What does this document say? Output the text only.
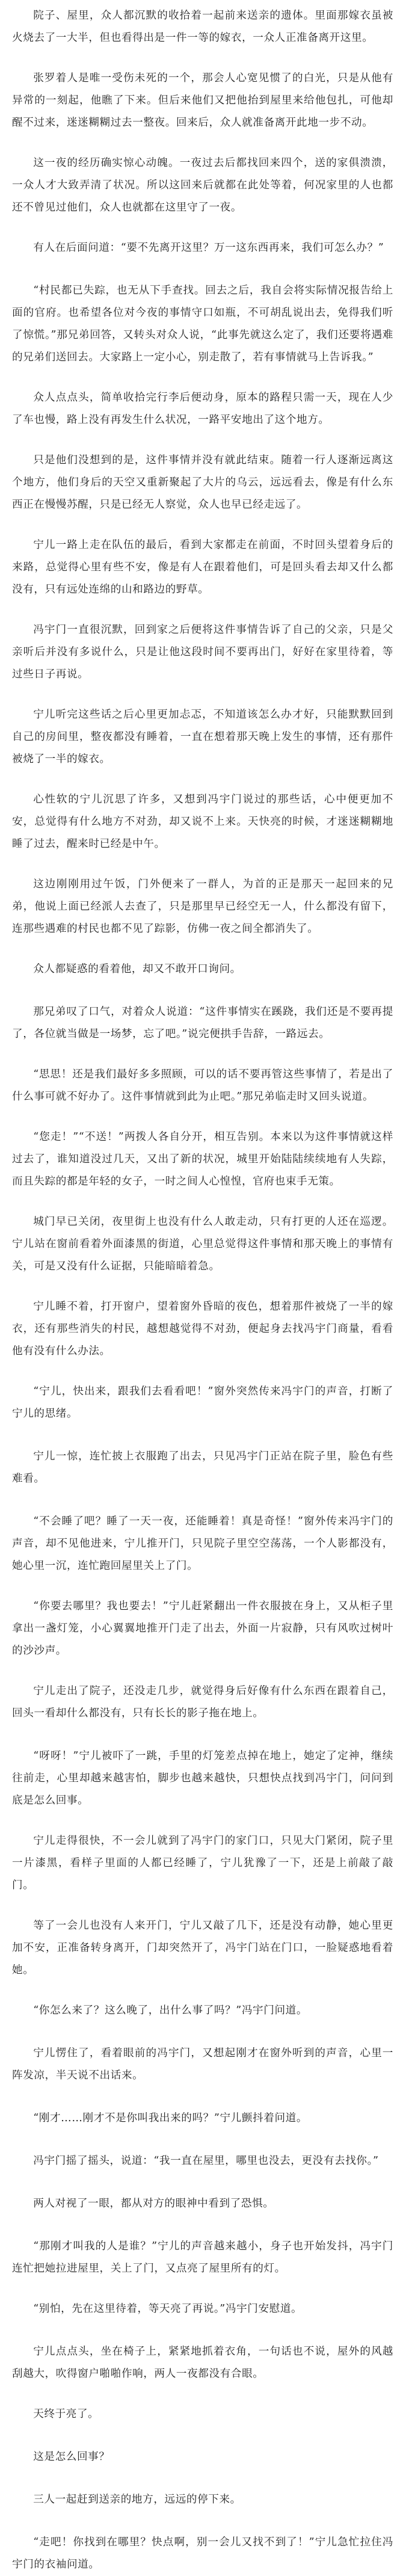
院子、屋里，众人都沉默的收拾着一起前来送亲的遗体。里面那嫁衣虽被火烧去了一大半，但也看得出是一件一等的嫁衣，一众人正准备离开这里。

张罗着人是唯一受伤未死的一个，那会人心宽见惯了的白光，只是从他有异常的一刻起，他瞧了下来。但后来他们又把他抬到屋里来给他包扎，可他却醒不过来，迷迷糊糊过去一整夜。回来后，众人就准备离开此地一步不动。

这一夜的经历确实惊心动魄。一夜过去后都找回来四个，送的家俱溃溃，一众人才大致弄清了状况。所以这回来后就都在此处等着，何况家里的人也都还不曾见过他们，众人也就都在这里守了一夜。

有人在后面问道：“要不先离开这里？万一这东西再来，我们可怎么办？”

“村民都已失踪，也无从下手查找。回去之后，我自会将实际情况报告给上面的官府。也希望各位对今夜的事情守口如瓶，不可胡乱说出去，免得我们听了惊慌。”那兄弟回答，又转头对众人说，“此事先就这么定了，我们还要将遇难的兄弟们送回去。大家路上一定小心，别走散了，若有事情就马上告诉我。”

众人点点头，简单收拾完行李后便动身，原本的路程只需一天，现在人少了车也慢，路上没有再发生什么状况，一路平安地出了这个地方。

只是他们没想到的是，这件事情并没有就此结束。随着一行人逐渐远离这个地方，他们身后的天空又重新聚起了大片的乌云，远远看去，像是有什么东西正在慢慢苏醒，只是已经无人察觉，众人也早已经走远了。

宁儿一路上走在队伍的最后，看到大家都走在前面，不时回头望着身后的来路，总觉得心里有些不安，像是有人在跟着他们，可是回头看去却又什么都没有，只有远处连绵的山和路边的野草。

冯宇门一直很沉默，回到家之后便将这件事情告诉了自己的父亲，只是父亲听后并没有多说什么，只是让他这段时间不要再出门，好好在家里待着，等过些日子再说。

宁儿听完这些话之后心里更加忐忑，不知道该怎么办才好，只能默默回到自己的房间里，整夜都没有睡着，一直在想着那天晚上发生的事情，还有那件被烧了一半的嫁衣。

心性软的宁儿沉思了许多，又想到冯宇门说过的那些话，心中便更加不安，总觉得有什么地方不对劲，却又说不上来。天快亮的时候，才迷迷糊糊地睡了过去，醒来时已经是中午。

这边刚刚用过午饭，门外便来了一群人，为首的正是那天一起回来的兄弟，他说上面已经派人去查了，只是那里早已经空无一人，什么都没有留下，连那些遇难的村民也都不见了踪影，仿佛一夜之间全都消失了。

众人都疑惑的看着他，却又不敢开口询问。

那兄弟叹了口气，对着众人说道：“这件事情实在蹊跷，我们还是不要再提了，各位就当做是一场梦，忘了吧。”说完便拱手告辞，一路远去。

“思思！还是我们最好多多照顾，可以的话不要再管这些事情了，若是出了什么事可就不好办了。这件事情就到此为止吧。”那兄弟临走时又回头说道。

“您走！”“不送！”两拨人各自分开，相互告别。本来以为这件事情就这样过去了，谁知道没过几天，又出了新的状况，城里开始陆陆续续地有人失踪，而且失踪的都是年轻的女子，一时之间人心惶惶，官府也束手无策。

城门早已关闭，夜里街上也没有什么人敢走动，只有打更的人还在巡逻。宁儿站在窗前看着外面漆黑的街道，心里总觉得这件事情和那天晚上的事情有关，可是又没有什么证据，只能暗暗着急。

宁儿睡不着，打开窗户，望着窗外昏暗的夜色，想着那件被烧了一半的嫁衣，还有那些消失的村民，越想越觉得不对劲，便起身去找冯宇门商量，看看他有没有什么办法。

“宁儿，快出来，跟我们去看看吧！”窗外突然传来冯宇门的声音，打断了宁儿的思绪。

宁儿一惊，连忙披上衣服跑了出去，只见冯宇门正站在院子里，脸色有些难看。

“不会睡了吧？睡了一天一夜，还能睡着！真是奇怪！”窗外传来冯宇门的声音，却不见他进来，宁儿推开门，只见院子里空空荡荡，一个人影都没有，她心里一沉，连忙跑回屋里关上了门。

“你要去哪里？我也要去！”宁儿赶紧翻出一件衣服披在身上，又从柜子里拿出一盏灯笼，小心翼翼地推开门走了出去，外面一片寂静，只有风吹过树叶的沙沙声。

宁儿走出了院子，还没走几步，就觉得身后好像有什么东西在跟着自己，回头一看却什么都没有，只有长长的影子拖在地上。

“呀呀！”宁儿被吓了一跳，手里的灯笼差点掉在地上，她定了定神，继续往前走，心里却越来越害怕，脚步也越来越快，只想快点找到冯宇门，问问到底是怎么回事。

宁儿走得很快，不一会儿就到了冯宇门的家门口，只见大门紧闭，院子里一片漆黑，看样子里面的人都已经睡了，宁儿犹豫了一下，还是上前敲了敲门。

等了一会儿也没有人来开门，宁儿又敲了几下，还是没有动静，她心里更加不安，正准备转身离开，门却突然开了，冯宇门站在门口，一脸疑惑地看着她。

“你怎么来了？这么晚了，出什么事了吗？”冯宇门问道。

宁儿愣住了，看着眼前的冯宇门，又想起刚才在窗外听到的声音，心里一阵发凉，半天说不出话来。

“刚才……刚才不是你叫我出来的吗？”宁儿颤抖着问道。

冯宇门摇了摇头，说道：“我一直在屋里，哪里也没去，更没有去找你。”

两人对视了一眼，都从对方的眼神中看到了恐惧。

“那刚才叫我的人是谁？”宁儿的声音越来越小，身子也开始发抖，冯宇门连忙把她拉进屋里，关上了门，又点亮了屋里所有的灯。

“别怕，先在这里待着，等天亮了再说。”冯宇门安慰道。

宁儿点点头，坐在椅子上，紧紧地抓着衣角，一句话也不说，屋外的风越刮越大，吹得窗户啪啪作响，两人一夜都没有合眼。

天终于亮了。

这是怎么回事？

三人一起赶到送亲的地方，远远的停下来。

“走吧！你找到在哪里？快点啊，别一会儿又找不到了！”宁儿急忙拉住冯宇门的衣袖问道。
